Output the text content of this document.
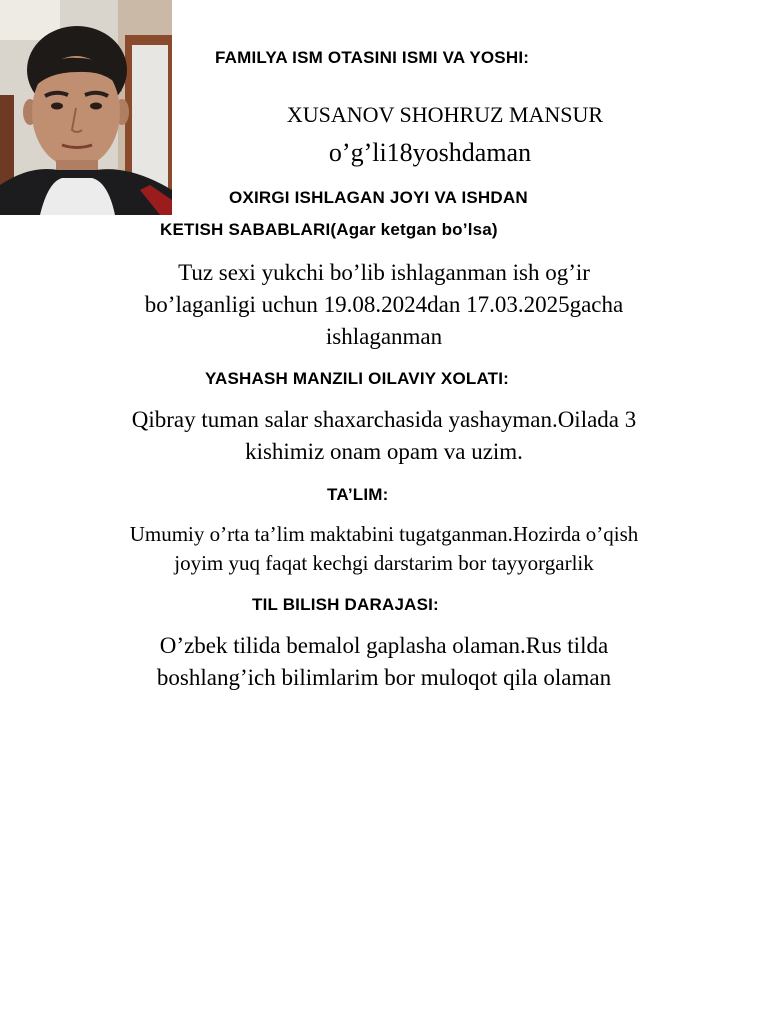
FAMILYA ISM OTASINI ISMI VA YOSHI:
XUSANOV SHOHRUZ MANSUR
o’g’li18yoshdaman
OXIRGI ISHLAGAN JOYI VA ISHDAN
KETISH SABABLARI(Agar ketgan bo’lsa)
Tuz sexi yukchi bo’lib ishlaganman ish og’ir
bo’laganligi uchun 19.08.2024dan 17.03.2025gacha
ishlaganman
YASHASH MANZILI OILAVIY XOLATI:
Qibray tuman salar shaxarchasida yashayman.Oilada 3
kishimiz onam opam va uzim.
TA’LIM:
Umumiy o’rta ta’lim maktabini tugatganman.Hozirda o’qish
joyim yuq faqat kechgi darstarim bor tayyorgarlik
TIL BILISH DARAJASI:
O’zbek tilida bemalol gaplasha olaman.Rus tilda
boshlang’ich bilimlarim bor muloqot qila olaman
